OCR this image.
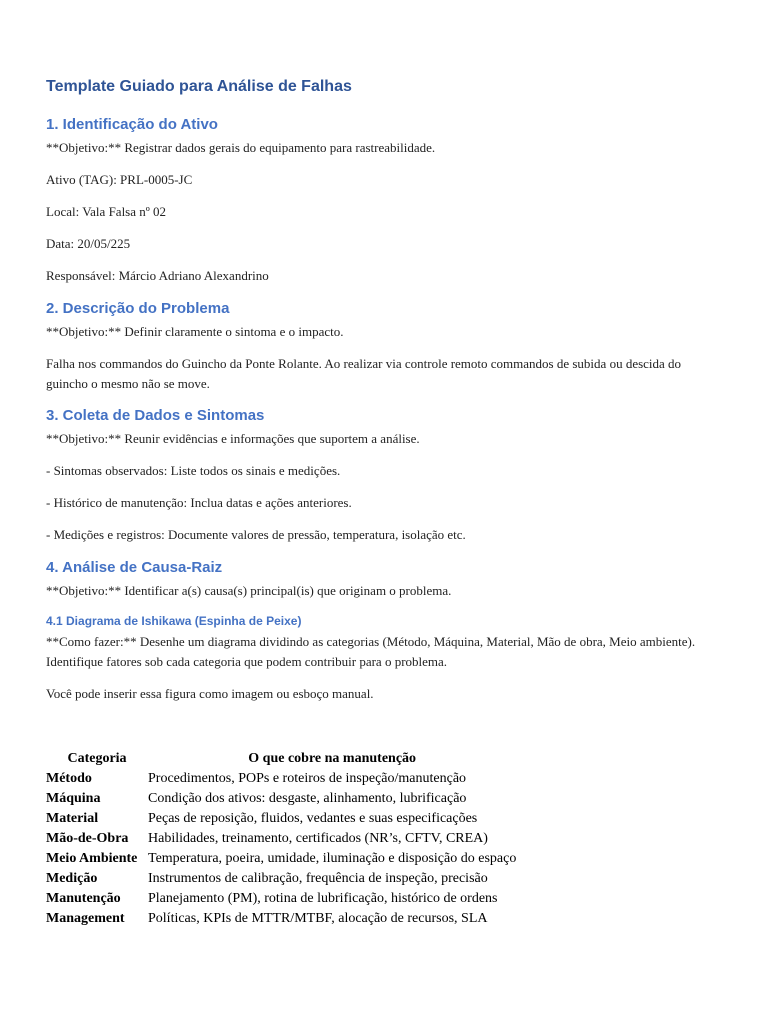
Template Guiado para Análise de Falhas
1. Identificação do Ativo

**Objetivo:** Registrar dados gerais do equipamento para rastreabilidade.

Ativo (TAG): PRL-0005-JC

Local: Vala Falsa nº 02

Data: 20/05/225

Responsável: Márcio Adriano Alexandrino

2. Descrição do Problema

**Objetivo:** Definir claramente o sintoma e o impacto.

Falha nos commandos do Guincho da Ponte Rolante. Ao realizar via controle remoto commandos de subida ou descida do guincho o mesmo não se move.

3. Coleta de Dados e Sintomas

**Objetivo:** Reunir evidências e informações que suportem a análise.

- Sintomas observados: Liste todos os sinais e medições.

- Histórico de manutenção: Inclua datas e ações anteriores.

- Medições e registros: Documente valores de pressão, temperatura, isolação etc.

4. Análise de Causa-Raiz

**Objetivo:** Identificar a(s) causa(s) principal(is) que originam o problema.

4.1 Diagrama de Ishikawa (Espinha de Peixe)

**Como fazer:** Desenhe um diagrama dividindo as categorias (Método, Máquina, Material, Mão de obra, Meio ambiente). Identifique fatores sob cada categoria que podem contribuir para o problema.

Você pode inserir essa figura como imagem ou esboço manual.

Categoria	O que cobre na manutenção
Método	Procedimentos, POPs e roteiros de inspeção/manutenção
Máquina	Condição dos ativos: desgaste, alinhamento, lubrificação
Material	Peças de reposição, fluidos, vedantes e suas especificações
Mão-de-Obra	Habilidades, treinamento, certificados (NR’s, CFTV, CREA)
Meio Ambiente	Temperatura, poeira, umidade, iluminação e disposição do espaço
Medição	Instrumentos de calibração, frequência de inspeção, precisão
Manutenção	Planejamento (PM), rotina de lubrificação, histórico de ordens
Management	Políticas, KPIs de MTTR/MTBF, alocação de recursos, SLA
